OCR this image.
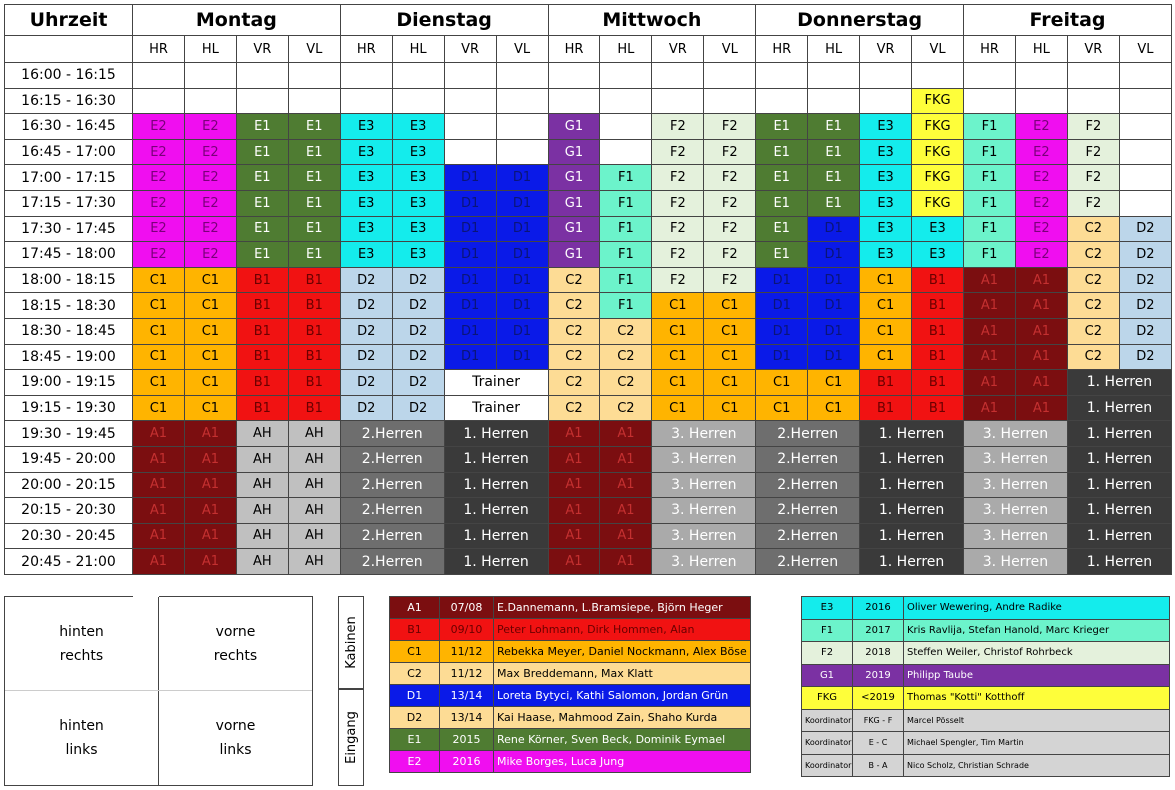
Uhrzeit	Montag				Dienstag				Mittwoch				Donnerstag				Freitag			
	HR	HL	VR	VL	HR	HL	VR	VL	HR	HL	VR	VL	HR	HL	VR	VL	HR	HL	VR	VL
16:00 - 16:15																				
16:15 - 16:30																FKG				
16:30 - 16:45	E2	E2	E1	E1	E3	E3			G1		F2	F2	E1	E1	E3	FKG	F1	E2	F2	
16:45 - 17:00	E2	E2	E1	E1	E3	E3			G1		F2	F2	E1	E1	E3	FKG	F1	E2	F2	
17:00 - 17:15	E2	E2	E1	E1	E3	E3	D1	D1	G1	F1	F2	F2	E1	E1	E3	FKG	F1	E2	F2	
17:15 - 17:30	E2	E2	E1	E1	E3	E3	D1	D1	G1	F1	F2	F2	E1	E1	E3	FKG	F1	E2	F2	
17:30 - 17:45	E2	E2	E1	E1	E3	E3	D1	D1	G1	F1	F2	F2	E1	D1	E3	E3	F1	E2	C2	D2
17:45 - 18:00	E2	E2	E1	E1	E3	E3	D1	D1	G1	F1	F2	F2	E1	D1	E3	E3	F1	E2	C2	D2
18:00 - 18:15	C1	C1	B1	B1	D2	D2	D1	D1	C2	F1	F2	F2	D1	D1	C1	B1	A1	A1	C2	D2
18:15 - 18:30	C1	C1	B1	B1	D2	D2	D1	D1	C2	F1	C1	C1	D1	D1	C1	B1	A1	A1	C2	D2
18:30 - 18:45	C1	C1	B1	B1	D2	D2	D1	D1	C2	C2	C1	C1	D1	D1	C1	B1	A1	A1	C2	D2
18:45 - 19:00	C1	C1	B1	B1	D2	D2	D1	D1	C2	C2	C1	C1	D1	D1	C1	B1	A1	A1	C2	D2
19:00 - 19:15	C1	C1	B1	B1	D2	D2	Trainer		C2	C2	C1	C1	C1	C1	B1	B1	A1	A1	1. Herren	
19:15 - 19:30	C1	C1	B1	B1	D2	D2	Trainer		C2	C2	C1	C1	C1	C1	B1	B1	A1	A1	1. Herren	
19:30 - 19:45	A1	A1	AH	AH	2.Herren		1. Herren		A1	A1	3. Herren		2.Herren		1. Herren		3. Herren		1. Herren	
19:45 - 20:00	A1	A1	AH	AH	2.Herren		1. Herren		A1	A1	3. Herren		2.Herren		1. Herren		3. Herren		1. Herren	
20:00 - 20:15	A1	A1	AH	AH	2.Herren		1. Herren		A1	A1	3. Herren		2.Herren		1. Herren		3. Herren		1. Herren	
20:15 - 20:30	A1	A1	AH	AH	2.Herren		1. Herren		A1	A1	3. Herren		2.Herren		1. Herren		3. Herren		1. Herren	
20:30 - 20:45	A1	A1	AH	AH	2.Herren		1. Herren		A1	A1	3. Herren		2.Herren		1. Herren		3. Herren		1. Herren	
20:45 - 21:00	A1	A1	AH	AH	2.Herren		1. Herren		A1	A1	3. Herren		2.Herren		1. Herren		3. Herren		1. Herren	
hinten
rechts
vorne
rechts
hinten
links
vorne
links
Kabinen
Eingang
A1	07/08	E.Dannemann, L.Bramsiepe, Björn Heger
B1	09/10	Peter Lohmann, Dirk Hommen, Alan
C1	11/12	Rebekka Meyer, Daniel Nockmann, Alex Böse
C2	11/12	Max Breddemann, Max Klatt
D1	13/14	Loreta Bytyci, Kathi Salomon, Jordan Grün
D2	13/14	Kai Haase, Mahmood Zain, Shaho Kurda
E1	2015	Rene Körner, Sven Beck, Dominik Eymael
E2	2016	Mike Borges, Luca Jung
E3	2016	Oliver Wewering, Andre Radike
F1	2017	Kris Ravlija, Stefan Hanold, Marc Krieger
F2	2018	Steffen Weiler, Christof Rohrbeck
G1	2019	Philipp Taube
FKG	<2019	Thomas "Kotti" Kotthoff
Koordinator	FKG - F	Marcel Pösselt
Koordinator	E - C	Michael Spengler, Tim Martin
Koordinator	B - A	Nico Scholz, Christian Schrade
